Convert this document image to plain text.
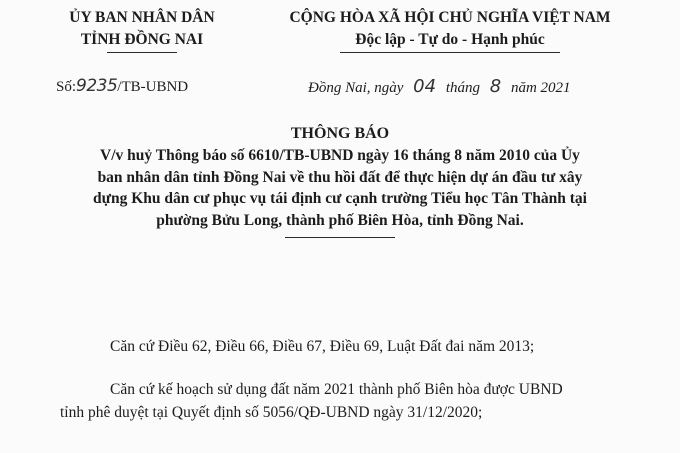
ỦY BAN NHÂN DÂN
TỈNH ĐỒNG NAI
CỘNG HÒA XÃ HỘI CHỦ NGHĨA VIỆT NAM
Độc lập - Tự do - Hạnh phúc
Số:9235/TB-UBND	Đồng Nai, ngày 04 tháng 8 năm 2021
THÔNG BÁO
V/v huỷ Thông báo số 6610/TB-UBND ngày 16 tháng 8 năm 2010 của Ủy
ban nhân dân tỉnh Đồng Nai về thu hồi đất để thực hiện dự án đầu tư xây
dựng Khu dân cư phục vụ tái định cư cạnh trường Tiểu học Tân Thành tại
phường Bửu Long, thành phố Biên Hòa, tỉnh Đồng Nai.
Căn cứ Điều 62, Điều 66, Điều 67, Điều 69, Luật Đất đai năm 2013;
Căn cứ kế hoạch sử dụng đất năm 2021 thành phố Biên hòa được UBND
tỉnh phê duyệt tại Quyết định số 5056/QĐ-UBND ngày 31/12/2020;
